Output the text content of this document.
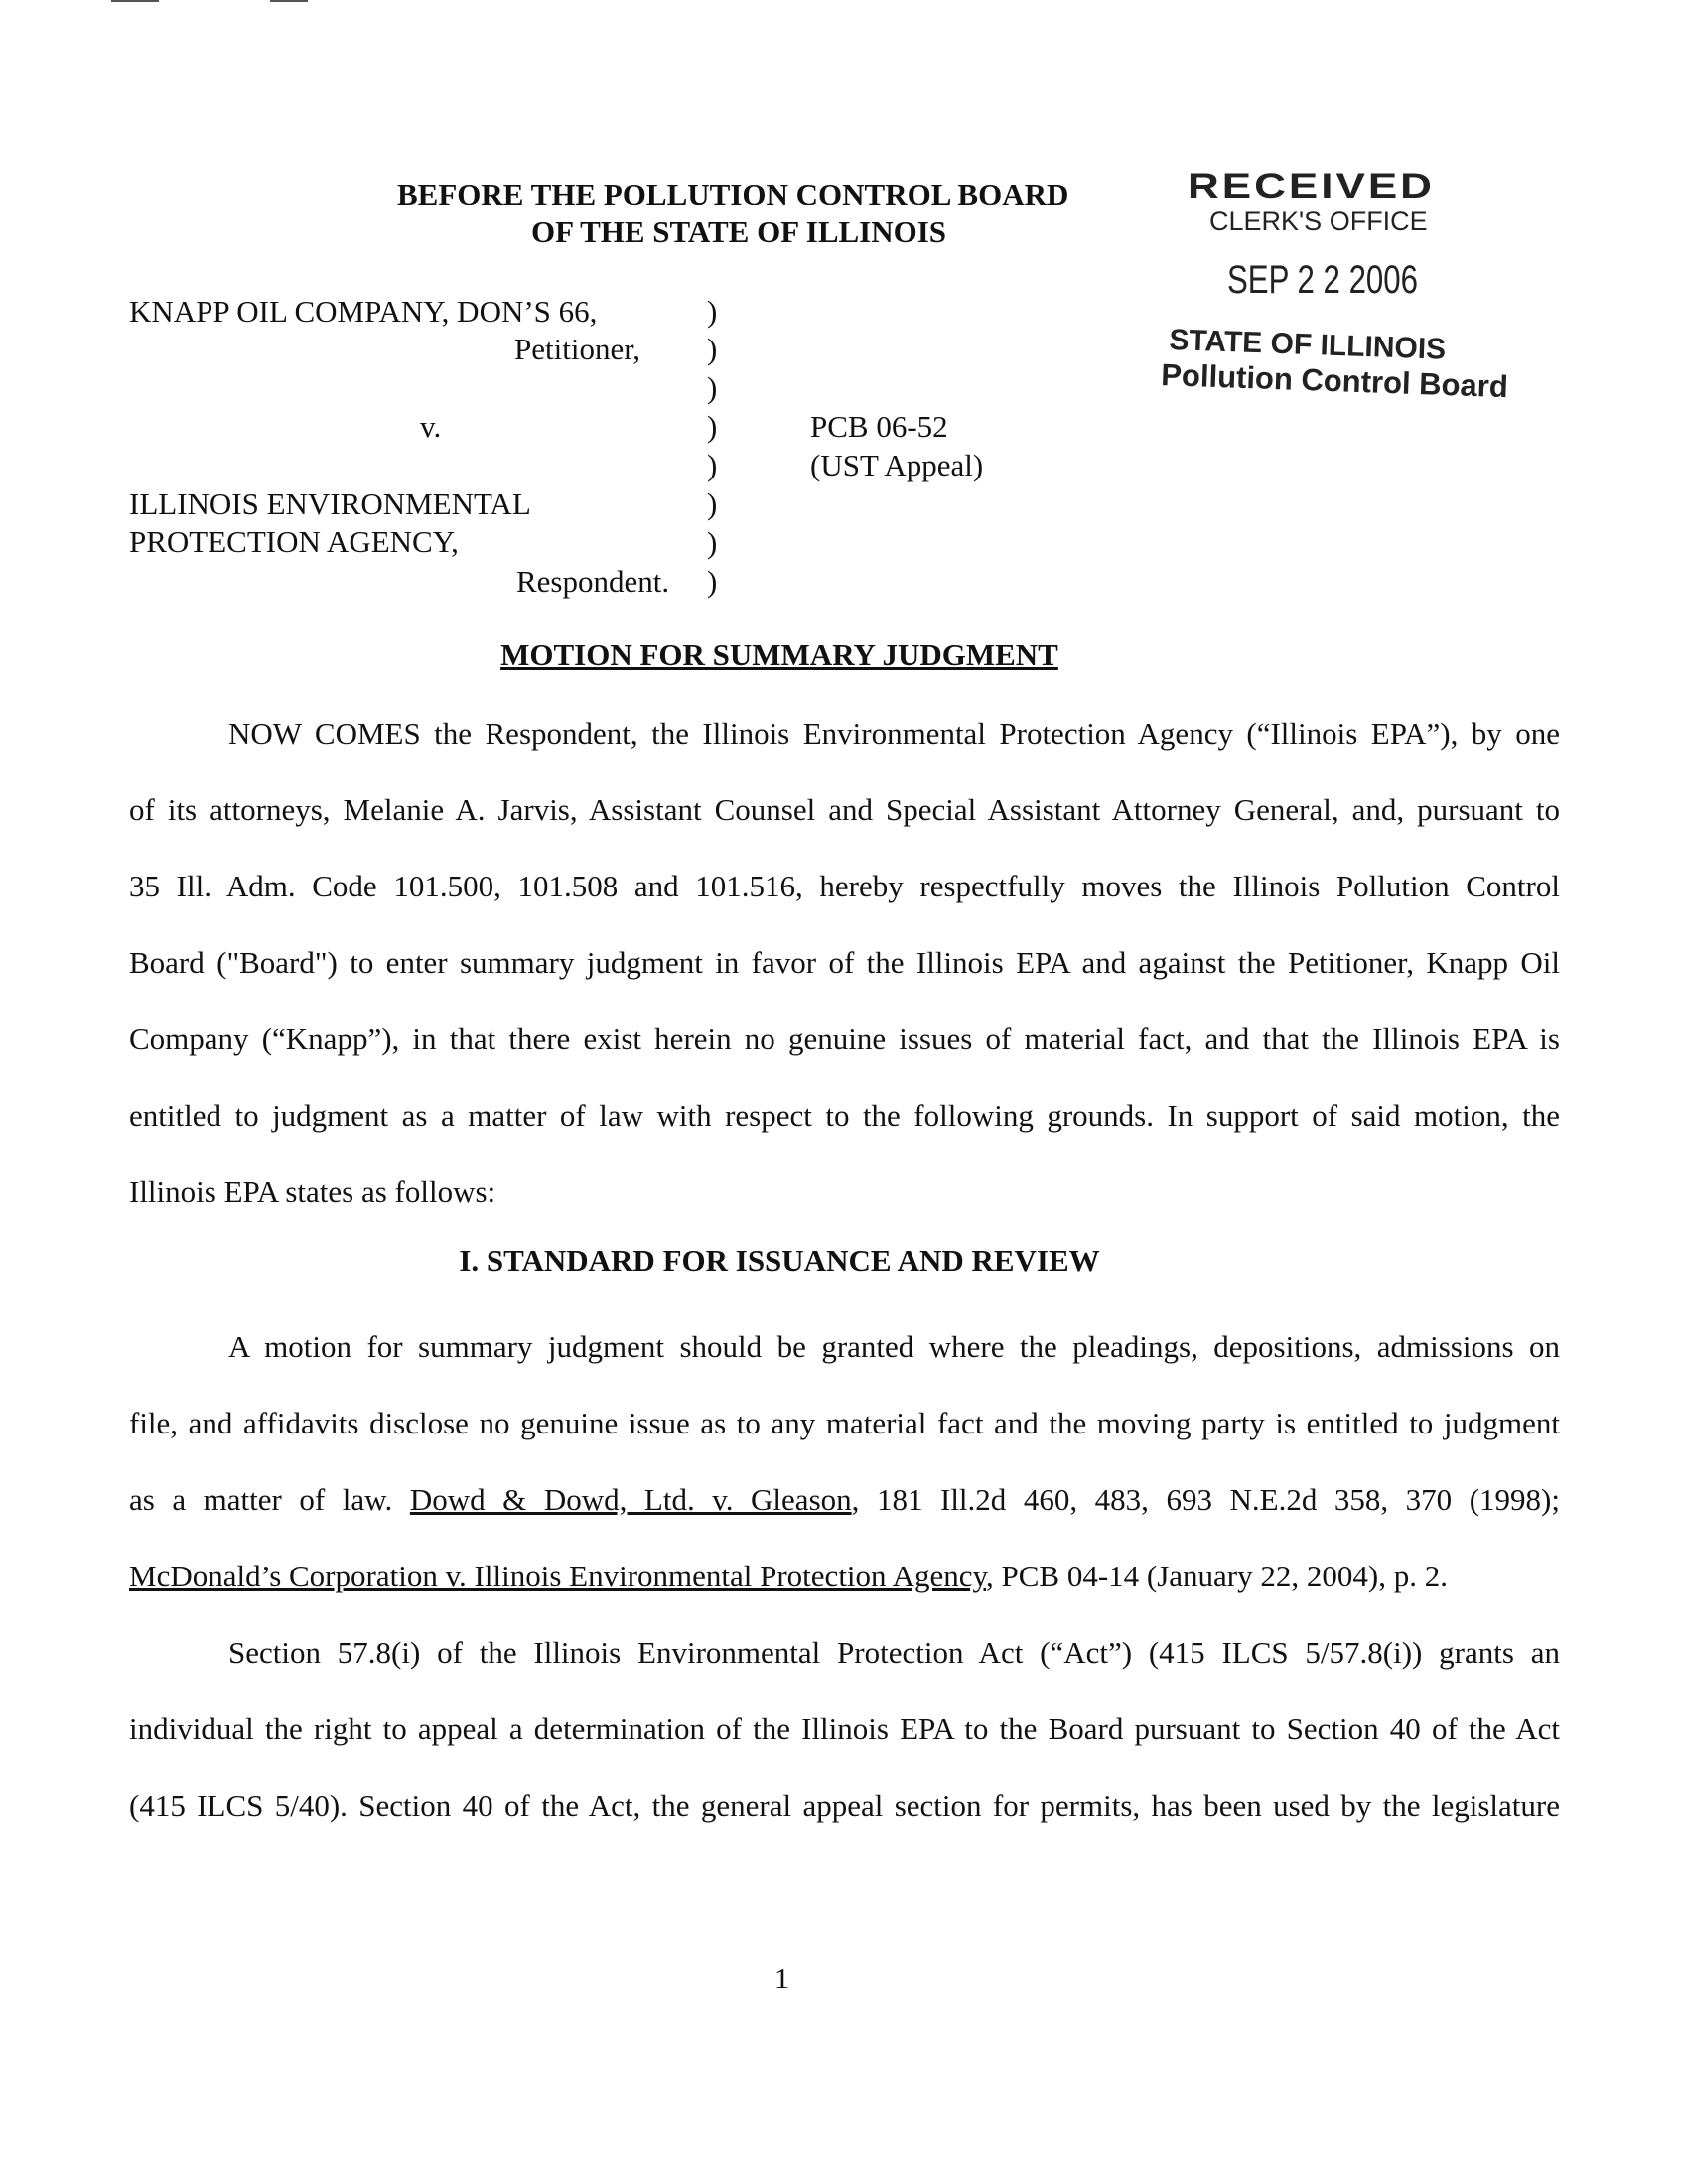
BEFORE THE POLLUTION CONTROL BOARD
OF THE STATE OF ILLINOIS
RECEIVED
CLERK'S OFFICE
SEP 2 2 2006
STATE OF ILLINOIS
Pollution Control Board
KNAPP OIL COMPANY, DON’S 66,
Petitioner,
v.
ILLINOIS ENVIRONMENTAL
PROTECTION AGENCY,
Respondent.
)
)
)
)
)
)
)
)
PCB 06-52
(UST Appeal)
MOTION FOR SUMMARY JUDGMENT
NOW COMES the Respondent, the Illinois Environmental Protection Agency (“Illinois EPA”), by one
of its attorneys, Melanie A. Jarvis, Assistant Counsel and Special Assistant Attorney General, and, pursuant to
35 Ill. Adm. Code 101.500, 101.508 and 101.516, hereby respectfully moves the Illinois Pollution Control
Board ("Board") to enter summary judgment in favor of the Illinois EPA and against the Petitioner, Knapp Oil
Company (“Knapp”), in that there exist herein no genuine issues of material fact, and that the Illinois EPA is
entitled to judgment as a matter of law with respect to the following grounds. In support of said motion, the
Illinois EPA states as follows:
I. STANDARD FOR ISSUANCE AND REVIEW
A motion for summary judgment should be granted where the pleadings, depositions, admissions on
file, and affidavits disclose no genuine issue as to any material fact and the moving party is entitled to judgment
as a matter of law. Dowd & Dowd, Ltd. v. Gleason, 181 Ill.2d 460, 483, 693 N.E.2d 358, 370 (1998);
McDonald’s Corporation v. Illinois Environmental Protection Agency, PCB 04-14 (January 22, 2004), p. 2.
Section 57.8(i) of the Illinois Environmental Protection Act (“Act”) (415 ILCS 5/57.8(i)) grants an
individual the right to appeal a determination of the Illinois EPA to the Board pursuant to Section 40 of the Act
(415 ILCS 5/40). Section 40 of the Act, the general appeal section for permits, has been used by the legislature
1
